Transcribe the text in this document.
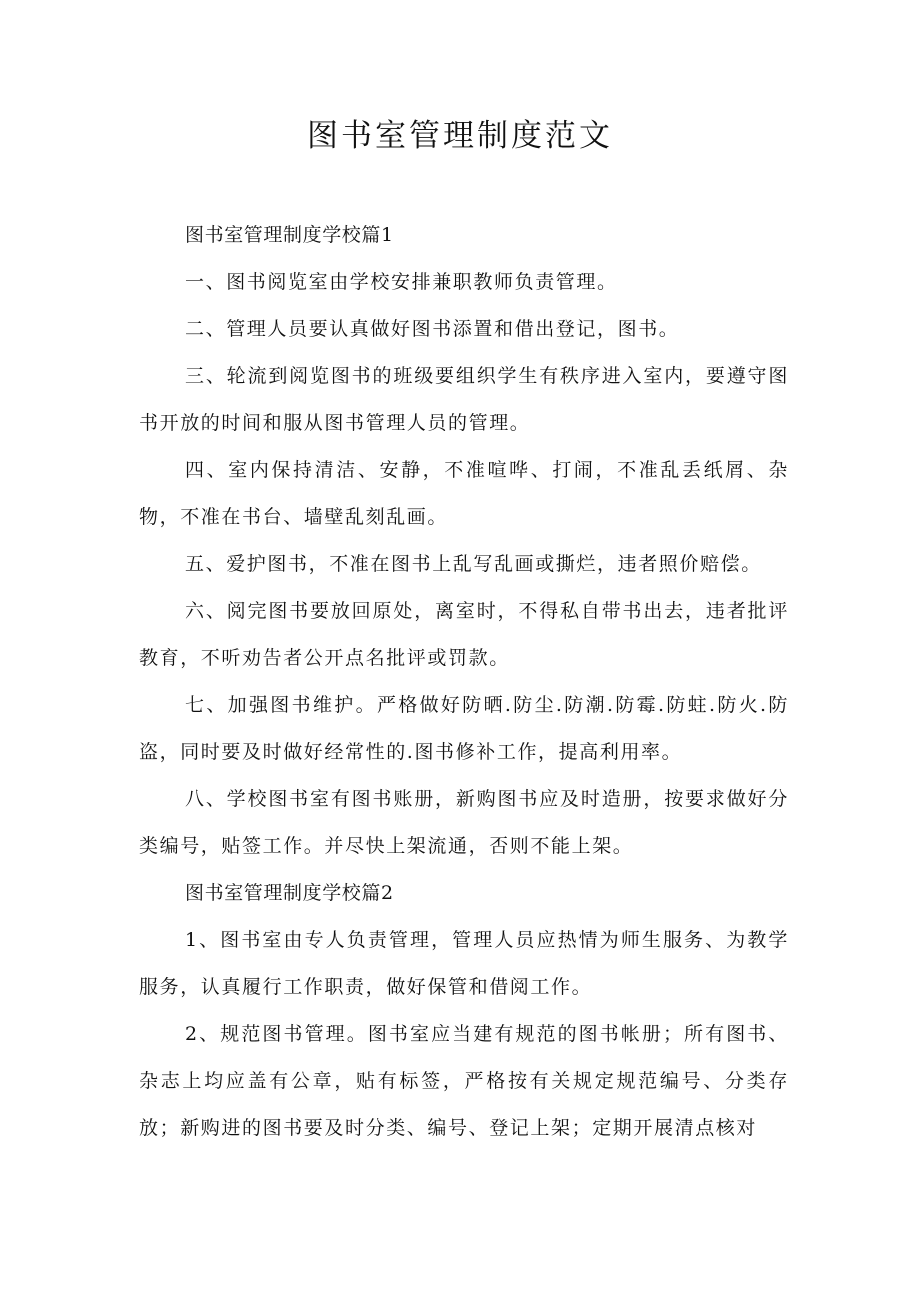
图书室管理制度范文

图书室管理制度学校篇1

一、图书阅览室由学校安排兼职教师负责管理。

二、管理人员要认真做好图书添置和借出登记，图书。

三、轮流到阅览图书的班级要组织学生有秩序进入室内，要遵守图书开放的时间和服从图书管理人员的管理。

四、室内保持清洁、安静，不准喧哗、打闹，不准乱丢纸屑、杂物，不准在书台、墙壁乱刻乱画。

五、爱护图书，不准在图书上乱写乱画或撕烂，违者照价赔偿。

六、阅完图书要放回原处，离室时，不得私自带书出去，违者批评教育，不听劝告者公开点名批评或罚款。

七、加强图书维护。严格做好防晒.防尘.防潮.防霉.防蛀.防火.防盗，同时要及时做好经常性的.图书修补工作，提高利用率。

八、学校图书室有图书账册，新购图书应及时造册，按要求做好分类编号，贴签工作。并尽快上架流通，否则不能上架。

图书室管理制度学校篇2

1、图书室由专人负责管理，管理人员应热情为师生服务、为教学服务，认真履行工作职责，做好保管和借阅工作。

2、规范图书管理。图书室应当建有规范的图书帐册；所有图书、杂志上均应盖有公章，贴有标签，严格按有关规定规范编号、分类存放；新购进的图书要及时分类、编号、登记上架；定期开展清点核对
